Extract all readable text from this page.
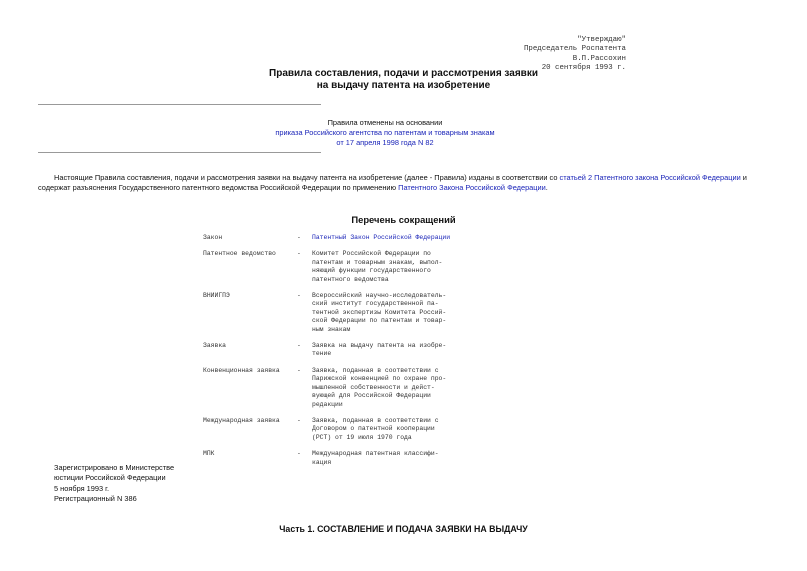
"Утверждаю"
Председатель Роспатента
В.П.Рассохин
20 сентября 1993 г.
Правила составления, подачи и рассмотрения заявки
на выдачу патента на изобретение
Правила отменены на основании
приказа Российского агентства по патентам и товарным знакам
от 17 апреля 1998 года N 82
Настоящие Правила составления, подачи и рассмотрения заявки на выдачу патента на изобретение (далее - Правила) изданы в соответствии со статьей 2 Патентного закона Российской Федерации и содержат разъяснения Государственного патентного ведомства Российской Федерации по применению Патентного Закона Российской Федерации.
Перечень сокращений
Закон	-	Патентный Закон Российской Федерации
Патентное ведомство	-	Комитет Российской Федерации по
патентам и товарным знакам, выпол-
няющий функции государственного
патентного ведомства
ВНИИГПЭ	-	Всероссийский научно-исследователь-
ский институт государственной па-
тентной экспертизы Комитета Россий-
ской Федерации по патентам и товар-
ным знакам
Заявка	-	Заявка на выдачу патента на изобре-
тение
Конвенционная заявка	-	Заявка, поданная в соответствии с
Парижской конвенцией по охране про-
мышленной собственности и дейст-
вующей для Российской Федерации
редакции
Международная заявка	-	Заявка, поданная в соответствии с
Договором о патентной кооперации
(РСТ) от 19 июля 1970 года
МПК	-	Международная патентная классифи-
кация
Зарегистрировано в Министерстве
юстиции Российской Федерации
5 ноября 1993 г.
Регистрационный N 386
Часть 1. СОСТАВЛЕНИЕ И ПОДАЧА ЗАЯВКИ НА ВЫДАЧУ
